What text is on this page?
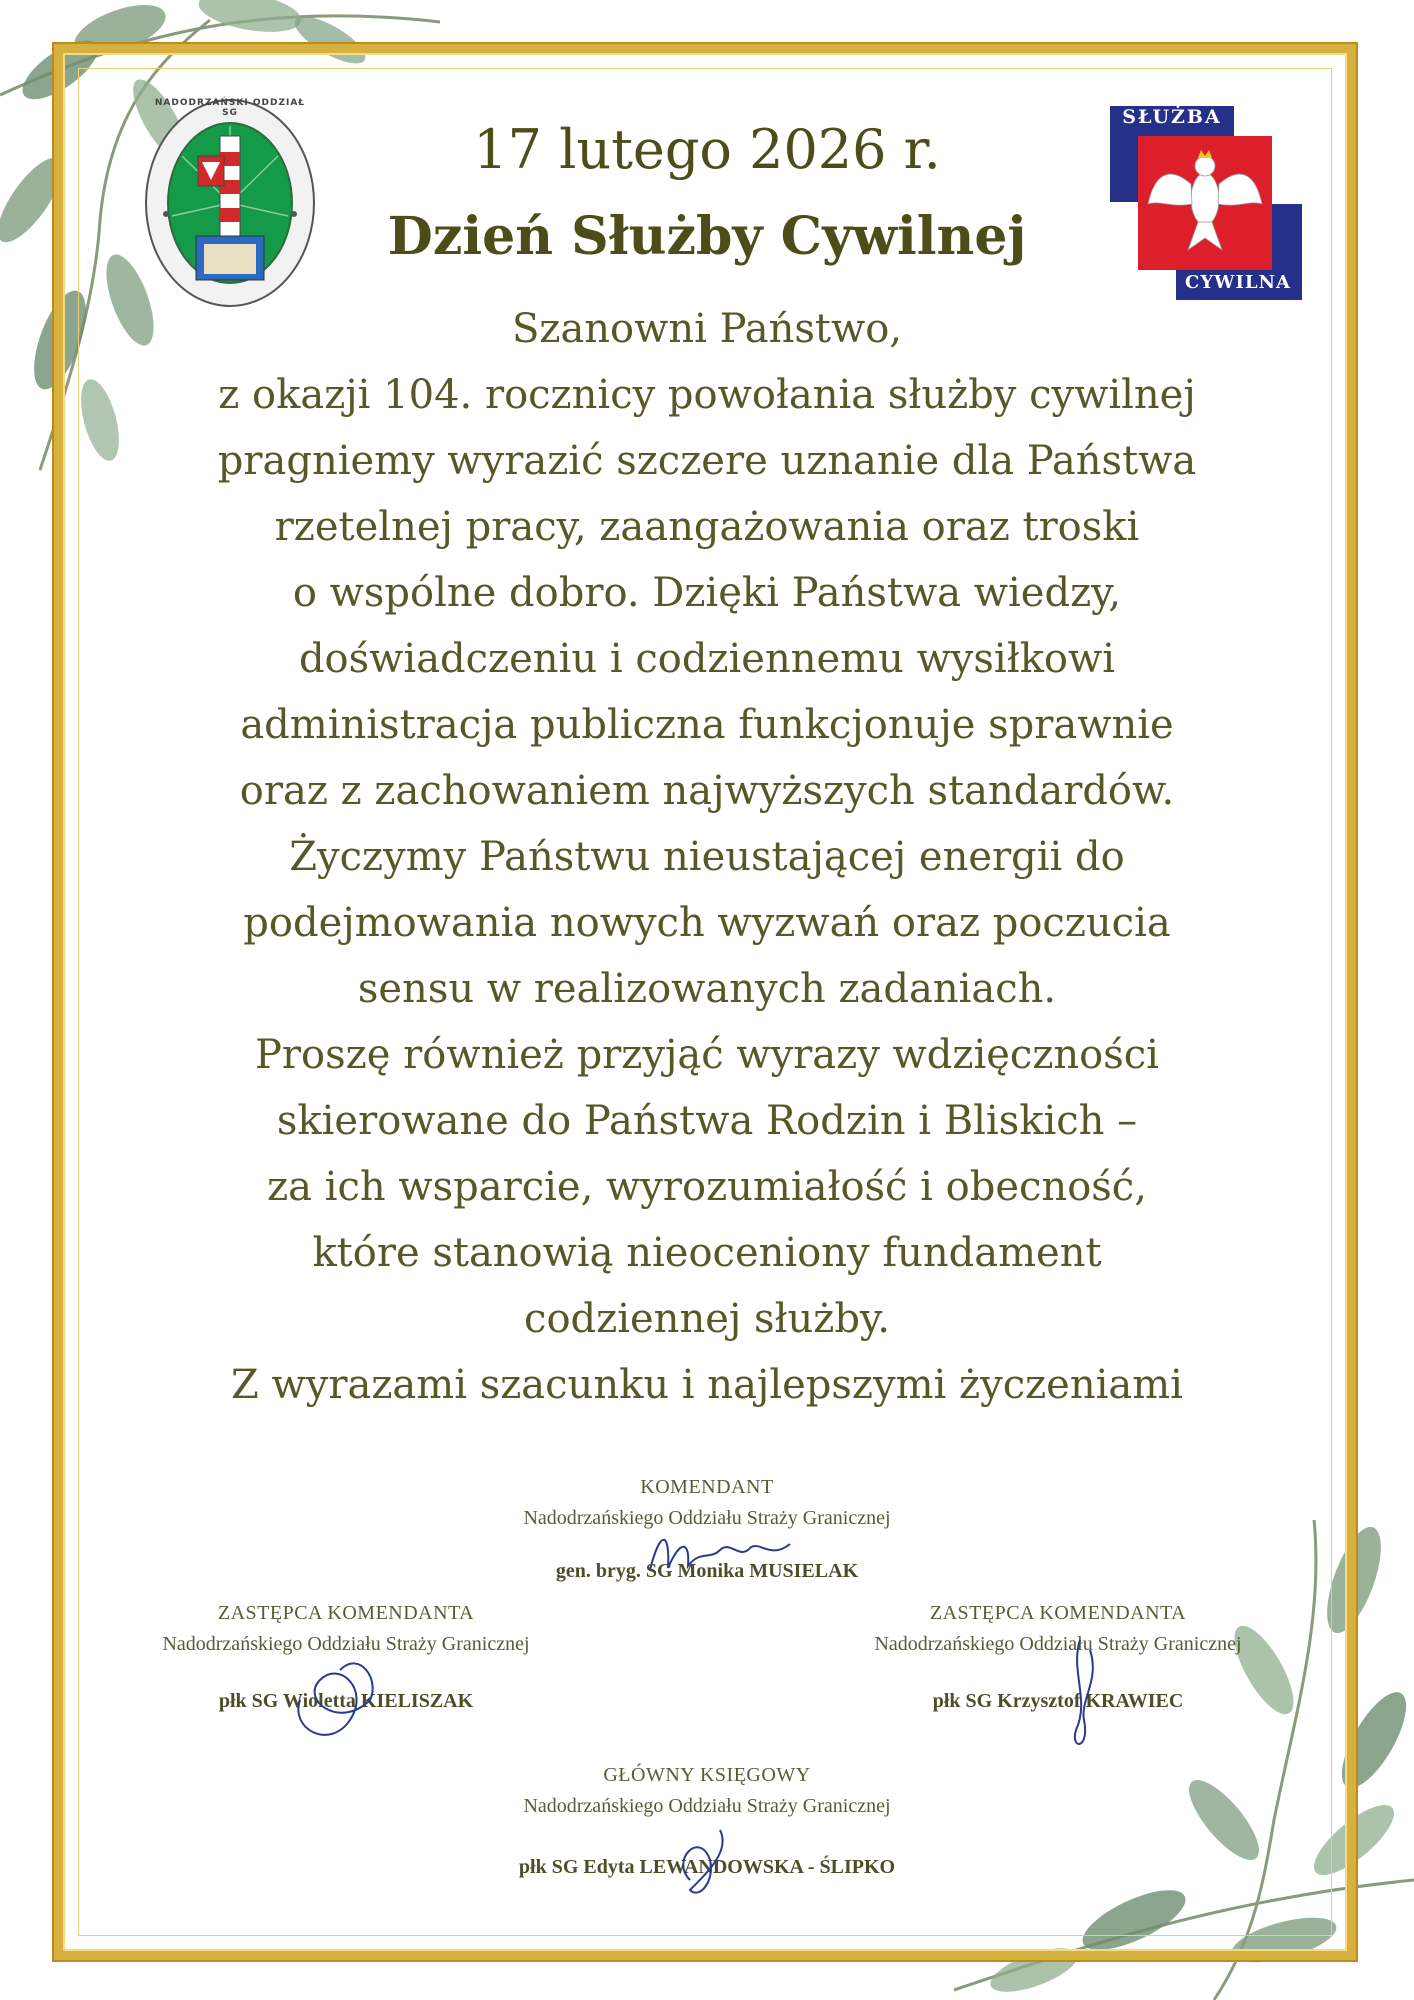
SŁUŻBA
CYWILNA
NADODRZAŃSKI ODDZIAŁ SG
17 lutego 2026 r.
Dzień Służby Cywilnej
Szanowni Państwo,
z okazji 104. rocznicy powołania służby cywilnej
pragniemy wyrazić szczere uznanie dla Państwa
rzetelnej pracy, zaangażowania oraz troski
o wspólne dobro. Dzięki Państwa wiedzy,
doświadczeniu i codziennemu wysiłkowi
administracja publiczna funkcjonuje sprawnie
oraz z zachowaniem najwyższych standardów.
Życzymy Państwu nieustającej energii do
podejmowania nowych wyzwań oraz poczucia
sensu w realizowanych zadaniach.
Proszę również przyjąć wyrazy wdzięczności
skierowane do Państwa Rodzin i Bliskich –
za ich wsparcie, wyrozumiałość i obecność,
które stanowią nieoceniony fundament
codziennej służby.
Z wyrazami szacunku i najlepszymi życzeniami
KOMENDANT
Nadodrzańskiego Oddziału Straży Granicznej
gen. bryg. SG Monika MUSIELAK
ZASTĘPCA KOMENDANTA
Nadodrzańskiego Oddziału Straży Granicznej
płk SG Wioletta KIELISZAK
ZASTĘPCA KOMENDANTA
Nadodrzańskiego Oddziału Straży Granicznej
płk SG Krzysztof KRAWIEC
GŁÓWNY KSIĘGOWY
Nadodrzańskiego Oddziału Straży Granicznej
płk SG Edyta LEWANDOWSKA - ŚLIPKO
